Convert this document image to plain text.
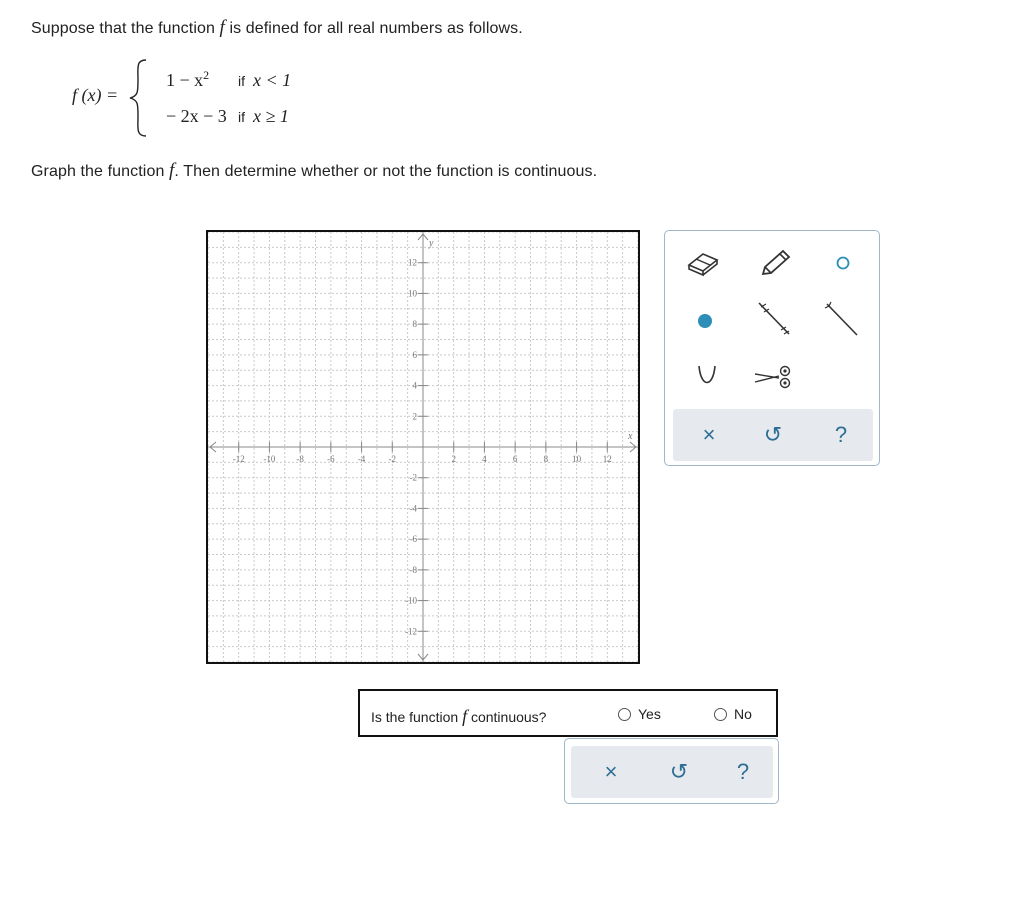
Suppose that the function f is defined for all real numbers as follows.
f (x) =
$1 - x^2$ if x < 1
− 2x − 3 if x ≥ 1
Graph the function f. Then determine whether or not the function is continuous.
-12 -10 -8	-6	-4	-2	2	4	6	8	10 12
12
10
8
6
4
2
-2
-4
-6
-8
-10
-12
x
y
×	↺	?
Is the function f continuous?	Yes	No
×	↺	?
